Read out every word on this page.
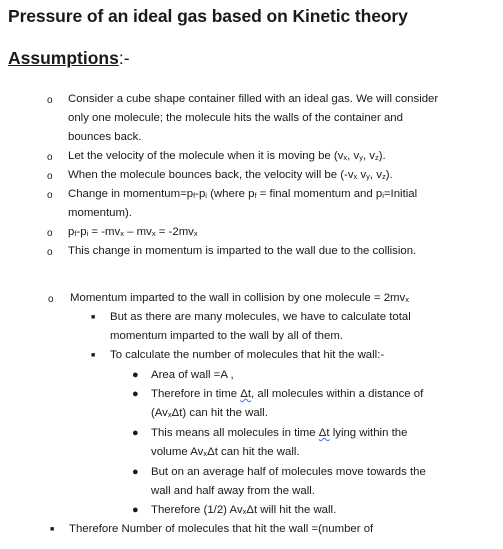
Pressure of an ideal gas based on Kinetic theory
Assumptions:-
o Consider a cube shape container filled with an ideal gas. We will consider
only one molecule; the molecule hits the walls of the container and
bounces back.
o Let the velocity of the molecule when it is moving be ($v_x$, $v_y$, $v_z$).
o When the molecule bounces back, the velocity will be ($-v_x$ $v_y$, $v_z$).
o Change in $momentum=p_f-p_i$ (where $p_f$ = final momentum and $p_i=Initial$
momentum).
o $p_f-p_i = -mv_x - mv_x = -2mv_x$
o This change in momentum is imparted to the wall due to the collision.
o Momentum imparted to the wall in collision by one molecule = $2mv_x$
■ But as there are many molecules, we have to calculate total
momentum imparted to the wall by all of them.
■ To calculate the number of molecules that hit the wall:-
● Area of wall =A ,
● Therefore in time Δt, all molecules within a distance of
$(Av_x\Delta t)$ can hit the wall.
● This means all molecules in time Δt lying within the
volume $Av_x\Delta t$ can hit the wall.
● But on an average half of molecules move towards the
wall and half away from the wall.
● Therefore (1/2) $Av_x\Delta t$ will hit the wall.
■ Therefore Number of molecules that hit the wall =(number of
